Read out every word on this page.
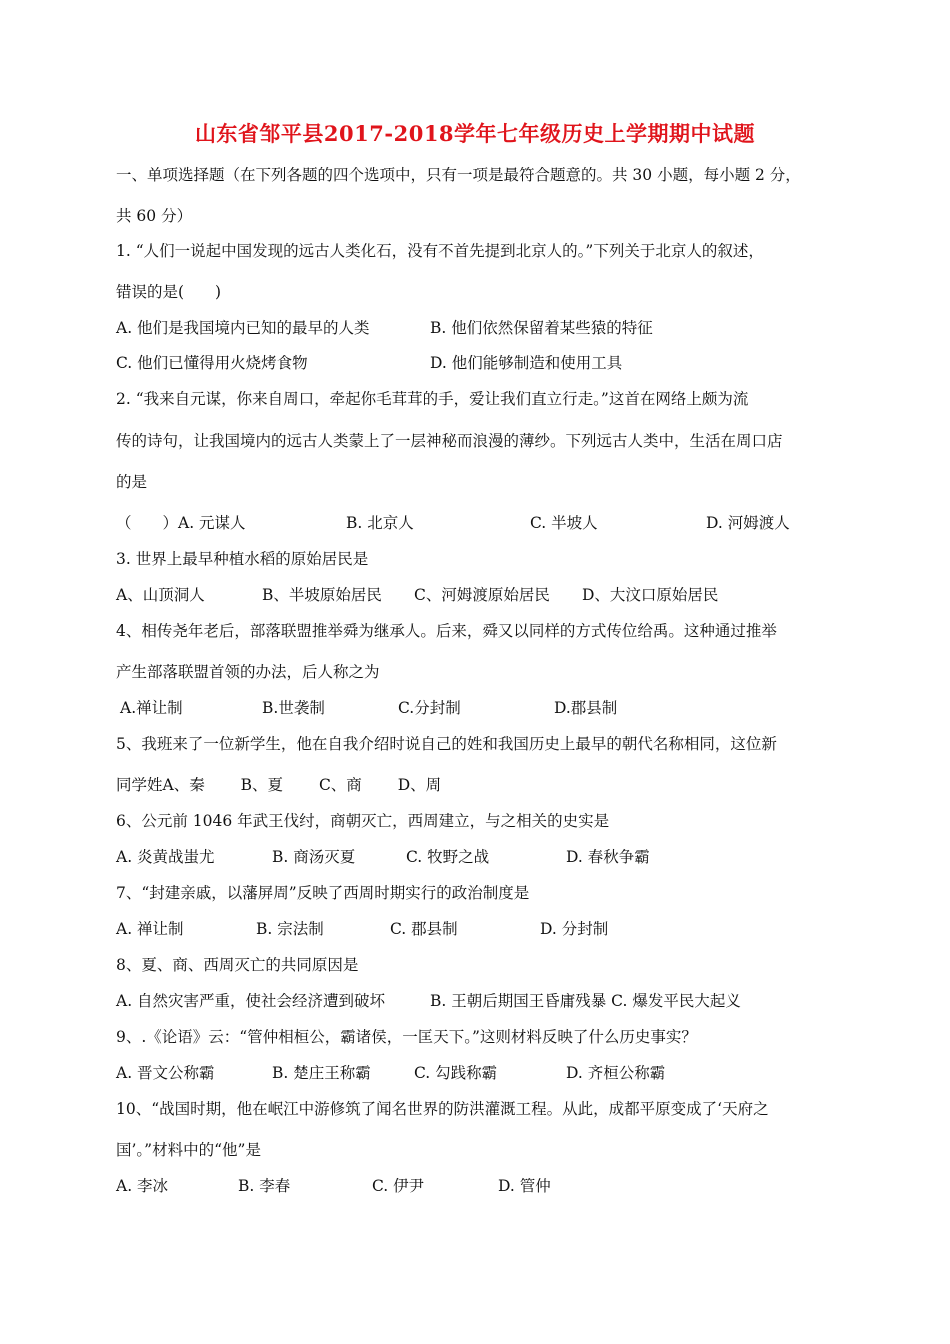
山东省邹平县2017-2018学年七年级历史上学期期中试题
一、单项选择题（在下列各题的四个选项中，只有一项是最符合题意的。共 30 小题，每小题 2 分，
共 60 分）
1. “人们一说起中国发现的远古人类化石，没有不首先提到北京人的。”下列关于北京人的叙述，
错误的是(　　)
A. 他们是我国境内已知的最早的人类	B. 他们依然保留着某些猿的特征
C. 他们已懂得用火烧烤食物	D. 他们能够制造和使用工具
2. “我来自元谋，你来自周口，牵起你毛茸茸的手，爱让我们直立行走。”这首在网络上颇为流
传的诗句，让我国境内的远古人类蒙上了一层神秘而浪漫的薄纱。下列远古人类中，生活在周口店
的是
（　　）A. 元谋人	B. 北京人	C. 半坡人	D. 河姆渡人
3. 世界上最早种植水稻的原始居民是
A、山顶洞人	B、半坡原始居民 C、河姆渡原始居民 D、大汶口原始居民
4、相传尧年老后，部落联盟推举舜为继承人。后来，舜又以同样的方式传位给禹。这种通过推举
产生部落联盟首领的办法，后人称之为
A.禅让制	B.世袭制	C.分封制	D.郡县制
5、我班来了一位新学生，他在自我介绍时说自己的姓和我国历史上最早的朝代名称相同，这位新
同学姓A、秦　　 B、夏　　 C、商　　 D、周
6、公元前 1046 年武王伐纣，商朝灭亡，西周建立，与之相关的史实是
A. 炎黄战蚩尤	B. 商汤灭夏	C. 牧野之战	D. 春秋争霸
7、“封建亲戚，以藩屏周”反映了西周时期实行的政治制度是
A. 禅让制	B. 宗法制	C. 郡县制	D. 分封制
8、夏、商、西周灭亡的共同原因是
A. 自然灾害严重，使社会经济遭到破坏	B. 王朝后期国王昏庸残暴 C. 爆发平民大起义
9、.《论语》云：“管仲相桓公，霸诸侯，一匡天下。”这则材料反映了什么历史事实？
A. 晋文公称霸	B. 楚庄王称霸	C. 勾践称霸	D. 齐桓公称霸
10、“战国时期，他在岷江中游修筑了闻名世界的防洪灌溉工程。从此，成都平原变成了‘天府之
国’。”材料中的“他”是
A. 李冰	B. 李春	C. 伊尹	D. 管仲
